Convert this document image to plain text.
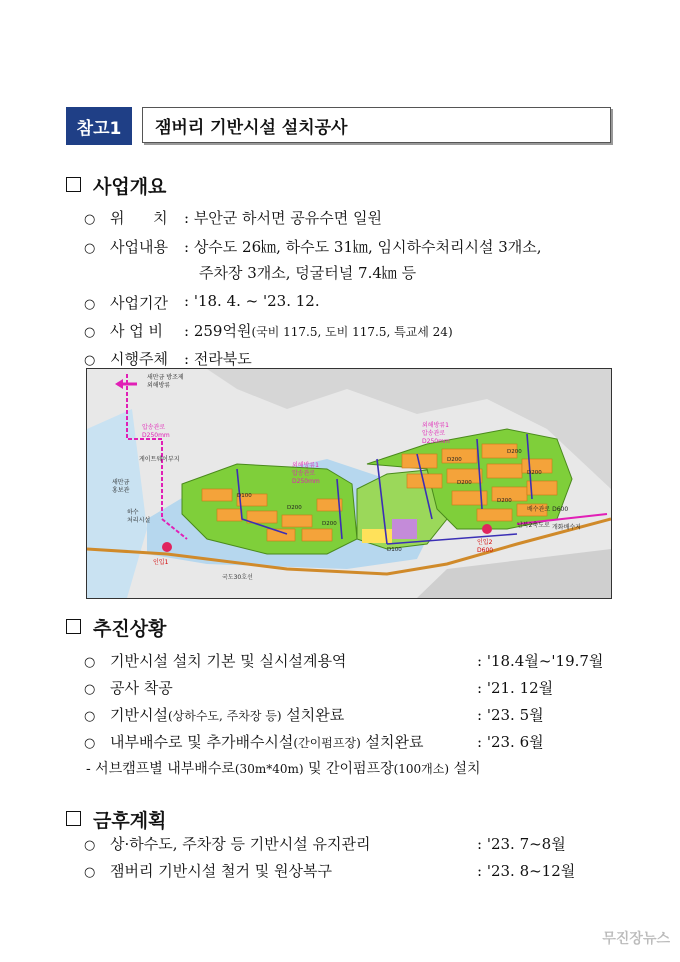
참고1	잼버리 기반시설 설치공사
사업개요
○ 위      치 : 부안군 하서면 공유수면 일원
○ 사업내용 : 상수도 26㎞, 하수도 31㎞, 임시하수처리시설 3개소,
주차장 3개소, 덩굴터널 7.4㎞ 등
○ 사업기간 : '18. 4. ~ '23. 12.
○ 사 업 비 : 259억원(국비 117.5, 도비 117.5, 특교세 24)
○ 시행주체 : 전라북도
새만금 방조제
외해방류
압송관로
D250mm
게이트웨이부지
새만금
홍보관
하수
처리시설
외해방류1
압송관로
D250mm
외해방류1
압송관로
D250mm
D100
D200
D200
D200
D200
D200
D200
D200
D100
배수관로 D600
개화배수지
남북2축도로
인입1
인입2
D600
국도30호선
추진상황
○ 기반시설 설치 기본 및 실시설계용역	: '18.4월~'19.7월
○ 공사 착공	: '21. 12월
○ 기반시설(상하수도, 주차장 등) 설치완료	: '23. 5월
○ 내부배수로 및 추가배수시설(간이펌프장) 설치완료	: '23. 6월
- 서브캠프별 내부배수로(30m*40m) 및 간이펌프장(100개소) 설치
금후계획
○ 상·하수도, 주차장 등 기반시설 유지관리	: '23. 7~8월
○ 잼버리 기반시설 철거 및 원상복구	: '23. 8~12월
무진장뉴스
